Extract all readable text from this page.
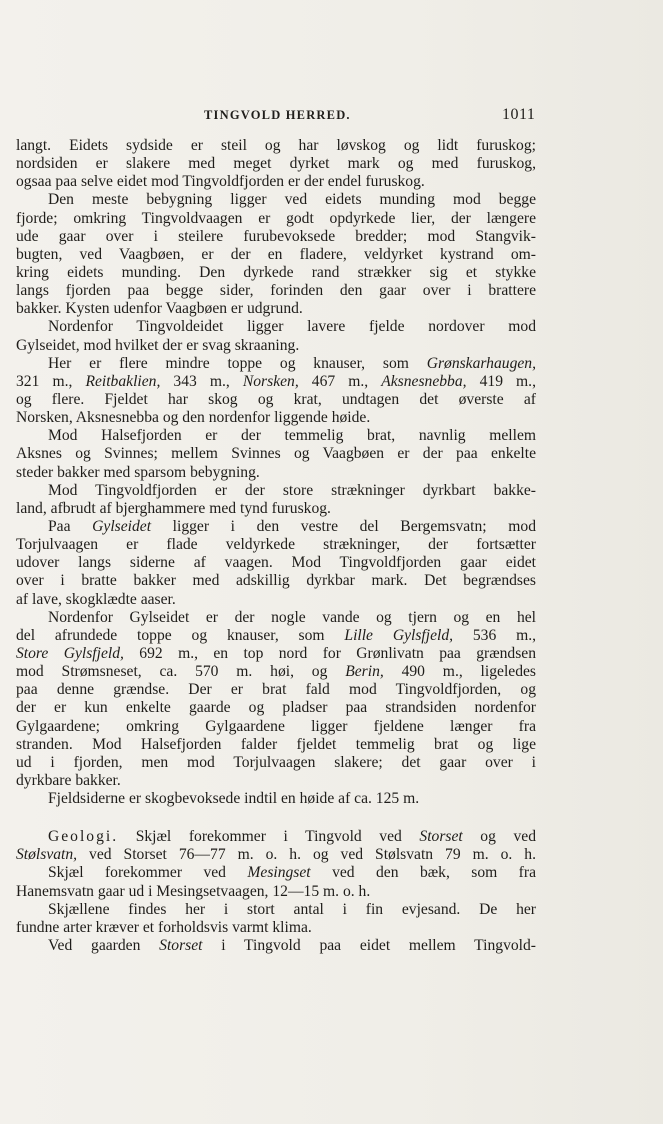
TINGVOLD HERRED.	1011
langt. Eidets sydside er steil og har løvskog og lidt furuskog;
nordsiden er slakere med meget dyrket mark og med furuskog,
ogsaa paa selve eidet mod Tingvoldfjorden er der endel furuskog.
Den meste bebygning ligger ved eidets munding mod begge
fjorde; omkring Tingvoldvaagen er godt opdyrkede lier, der længere
ude gaar over i steilere furubevoksede bredder; mod Stangvik-
bugten, ved Vaagbøen, er der en fladere, veldyrket kystrand om-
kring eidets munding. Den dyrkede rand strækker sig et stykke
langs fjorden paa begge sider, forinden den gaar over i brattere
bakker. Kysten udenfor Vaagbøen er udgrund.
Nordenfor Tingvoldeidet ligger lavere fjelde nordover mod
Gylseidet, mod hvilket der er svag skraaning.
Her er flere mindre toppe og knauser, som Grønskarhaugen,
321 m., Reitbaklien, 343 m., Norsken, 467 m., Aksnesnebba, 419 m.,
og flere. Fjeldet har skog og krat, undtagen det øverste af
Norsken, Aksnesnebba og den nordenfor liggende høide.
Mod Halsefjorden er der temmelig brat, navnlig mellem
Aksnes og Svinnes; mellem Svinnes og Vaagbøen er der paa enkelte
steder bakker med sparsom bebygning.
Mod Tingvoldfjorden er der store strækninger dyrkbart bakke-
land, afbrudt af bjerghammere med tynd furuskog.
Paa Gylseidet ligger i den vestre del Bergemsvatn; mod
Torjulvaagen er flade veldyrkede strækninger, der fortsætter
udover langs siderne af vaagen. Mod Tingvoldfjorden gaar eidet
over i bratte bakker med adskillig dyrkbar mark. Det begrændses
af lave, skogklædte aaser.
Nordenfor Gylseidet er der nogle vande og tjern og en hel
del afrundede toppe og knauser, som Lille Gylsfjeld, 536 m.,
Store Gylsfjeld, 692 m., en top nord for Grønlivatn paa grændsen
mod Strømsneset, ca. 570 m. høi, og Berin, 490 m., ligeledes
paa denne grændse. Der er brat fald mod Tingvoldfjorden, og
der er kun enkelte gaarde og pladser paa strandsiden nordenfor
Gylgaardene; omkring Gylgaardene ligger fjeldene længer fra
stranden. Mod Halsefjorden falder fjeldet temmelig brat og lige
ud i fjorden, men mod Torjulvaagen slakere; det gaar over i
dyrkbare bakker.
Fjeldsiderne er skogbevoksede indtil en høide af ca. 125 m.
Geologi. Skjæl forekommer i Tingvold ved Storset og ved
Stølsvatn, ved Storset 76—77 m. o. h. og ved Stølsvatn 79 m. o. h.
Skjæl forekommer ved Mesingset ved den bæk, som fra
Hanemsvatn gaar ud i Mesingsetvaagen, 12—15 m. o. h.
Skjællene findes her i stort antal i fin evjesand. De her
fundne arter kræver et forholdsvis varmt klima.
Ved gaarden Storset i Tingvold paa eidet mellem Tingvold-
